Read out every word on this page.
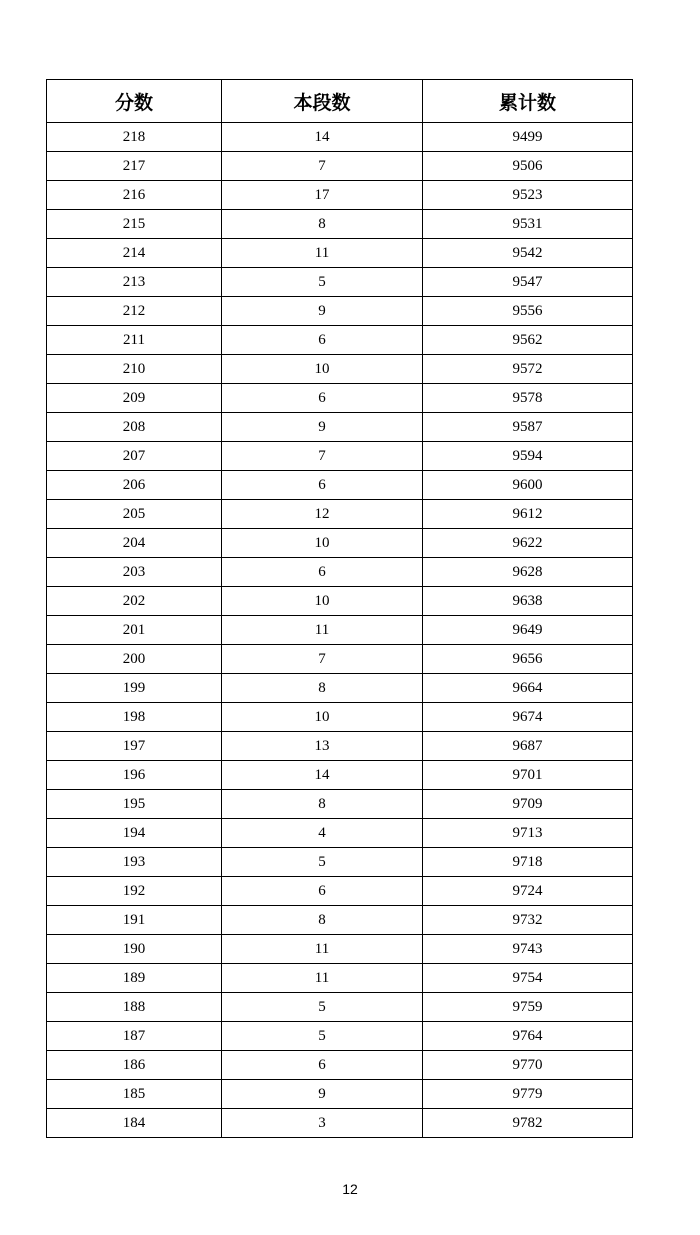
分数	本段数	累计数
218	14	9499
217	7	9506
216	17	9523
215	8	9531
214	11	9542
213	5	9547
212	9	9556
211	6	9562
210	10	9572
209	6	9578
208	9	9587
207	7	9594
206	6	9600
205	12	9612
204	10	9622
203	6	9628
202	10	9638
201	11	9649
200	7	9656
199	8	9664
198	10	9674
197	13	9687
196	14	9701
195	8	9709
194	4	9713
193	5	9718
192	6	9724
191	8	9732
190	11	9743
189	11	9754
188	5	9759
187	5	9764
186	6	9770
185	9	9779
184	3	9782
12
